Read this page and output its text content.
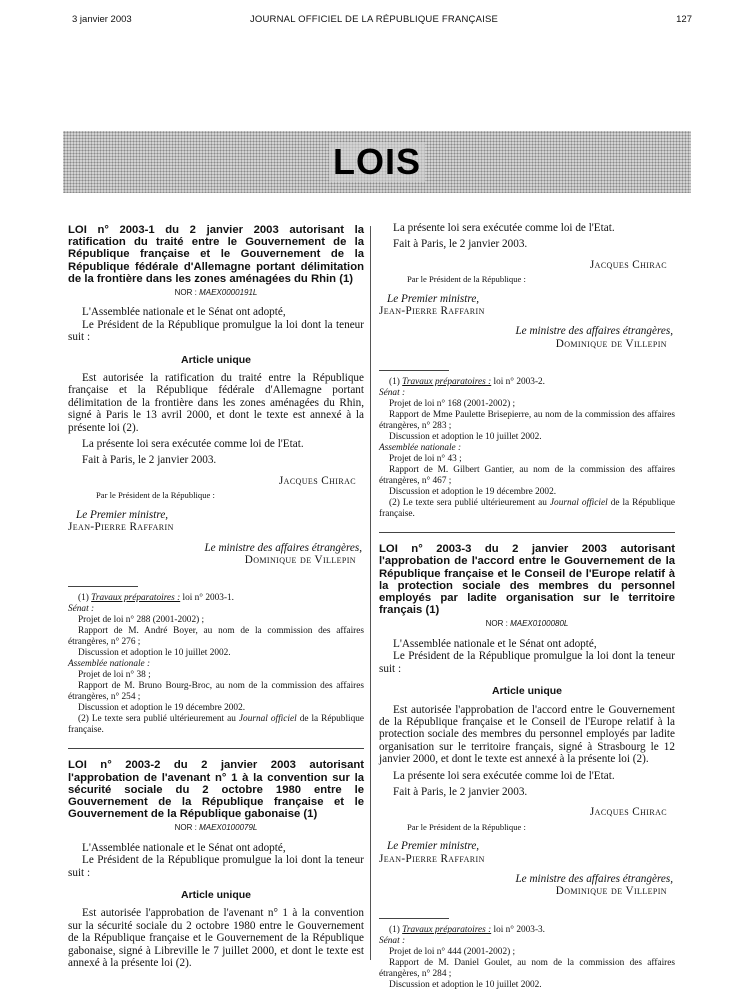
3 janvier 2003	JOURNAL OFFICIEL DE LA RÉPUBLIQUE FRANÇAISE	127
LOIS
LOI n° 2003-1 du 2 janvier 2003 autorisant la ratification du traité entre le Gouvernement de la République française et le Gouvernement de la République fédérale d'Allemagne portant délimitation de la frontière dans les zones aménagées du Rhin (1)
NOR : MAEX0000191L

L'Assemblée nationale et le Sénat ont adopté,

Le Président de la République promulgue la loi dont la teneur suit :

Article unique

Est autorisée la ratification du traité entre la République française et la République fédérale d'Allemagne portant délimitation de la frontière dans les zones aménagées du Rhin, signé à Paris le 13 avril 2000, et dont le texte est annexé à la présente loi (2).

La présente loi sera exécutée comme loi de l'Etat.

Fait à Paris, le 2 janvier 2003.

Jacques Chirac
Par le Président de la République :
Le Premier ministre,
Jean-Pierre Raffarin
Le ministre des affaires étrangères,
Dominique de Villepin

(1) Travaux préparatoires : loi n° 2003-1.

Sénat :

Projet de loi n° 288 (2001-2002) ;

Rapport de M. André Boyer, au nom de la commission des affaires étrangères, n° 276 ;

Discussion et adoption le 10 juillet 2002.

Assemblée nationale :

Projet de loi n° 38 ;

Rapport de M. Bruno Bourg-Broc, au nom de la commission des affaires étrangères, n° 254 ;

Discussion et adoption le 19 décembre 2002.

(2) Le texte sera publié ultérieurement au Journal officiel de la République française.

LOI n° 2003-2 du 2 janvier 2003 autorisant l'approbation de l'avenant n° 1 à la convention sur la sécurité sociale du 2 octobre 1980 entre le Gouvernement de la République française et le Gouvernement de la République gabonaise (1)
NOR : MAEX0100079L

L'Assemblée nationale et le Sénat ont adopté,

Le Président de la République promulgue la loi dont la teneur suit :

Article unique

Est autorisée l'approbation de l'avenant n° 1 à la convention sur la sécurité sociale du 2 octobre 1980 entre le Gouvernement de la République française et le Gouvernement de la République gabonaise, signé à Libreville le 7 juillet 2000, et dont le texte est annexé à la présente loi (2).

La présente loi sera exécutée comme loi de l'Etat.

Fait à Paris, le 2 janvier 2003.

Jacques Chirac
Par le Président de la République :
Le Premier ministre,
Jean-Pierre Raffarin
Le ministre des affaires étrangères,
Dominique de Villepin

(1) Travaux préparatoires : loi n° 2003-2.

Sénat :

Projet de loi n° 168 (2001-2002) ;

Rapport de Mme Paulette Brisepierre, au nom de la commission des affaires étrangères, n° 283 ;

Discussion et adoption le 10 juillet 2002.

Assemblée nationale :

Projet de loi n° 43 ;

Rapport de M. Gilbert Gantier, au nom de la commission des affaires étrangères, n° 467 ;

Discussion et adoption le 19 décembre 2002.

(2) Le texte sera publié ultérieurement au Journal officiel de la République française.

LOI n° 2003-3 du 2 janvier 2003 autorisant l'approbation de l'accord entre le Gouvernement de la République française et le Conseil de l'Europe relatif à la protection sociale des membres du personnel employés par ladite organisation sur le territoire français (1)
NOR : MAEX0100080L

L'Assemblée nationale et le Sénat ont adopté,

Le Président de la République promulgue la loi dont la teneur suit :

Article unique

Est autorisée l'approbation de l'accord entre le Gouvernement de la République française et le Conseil de l'Europe relatif à la protection sociale des membres du personnel employés par ladite organisation sur le territoire français, signé à Strasbourg le 12 janvier 2000, et dont le texte est annexé à la présente loi (2).

La présente loi sera exécutée comme loi de l'Etat.

Fait à Paris, le 2 janvier 2003.

Jacques Chirac
Par le Président de la République :
Le Premier ministre,
Jean-Pierre Raffarin
Le ministre des affaires étrangères,
Dominique de Villepin

(1) Travaux préparatoires : loi n° 2003-3.

Sénat :

Projet de loi n° 444 (2001-2002) ;

Rapport de M. Daniel Goulet, au nom de la commission des affaires étrangères, n° 284 ;

Discussion et adoption le 10 juillet 2002.
